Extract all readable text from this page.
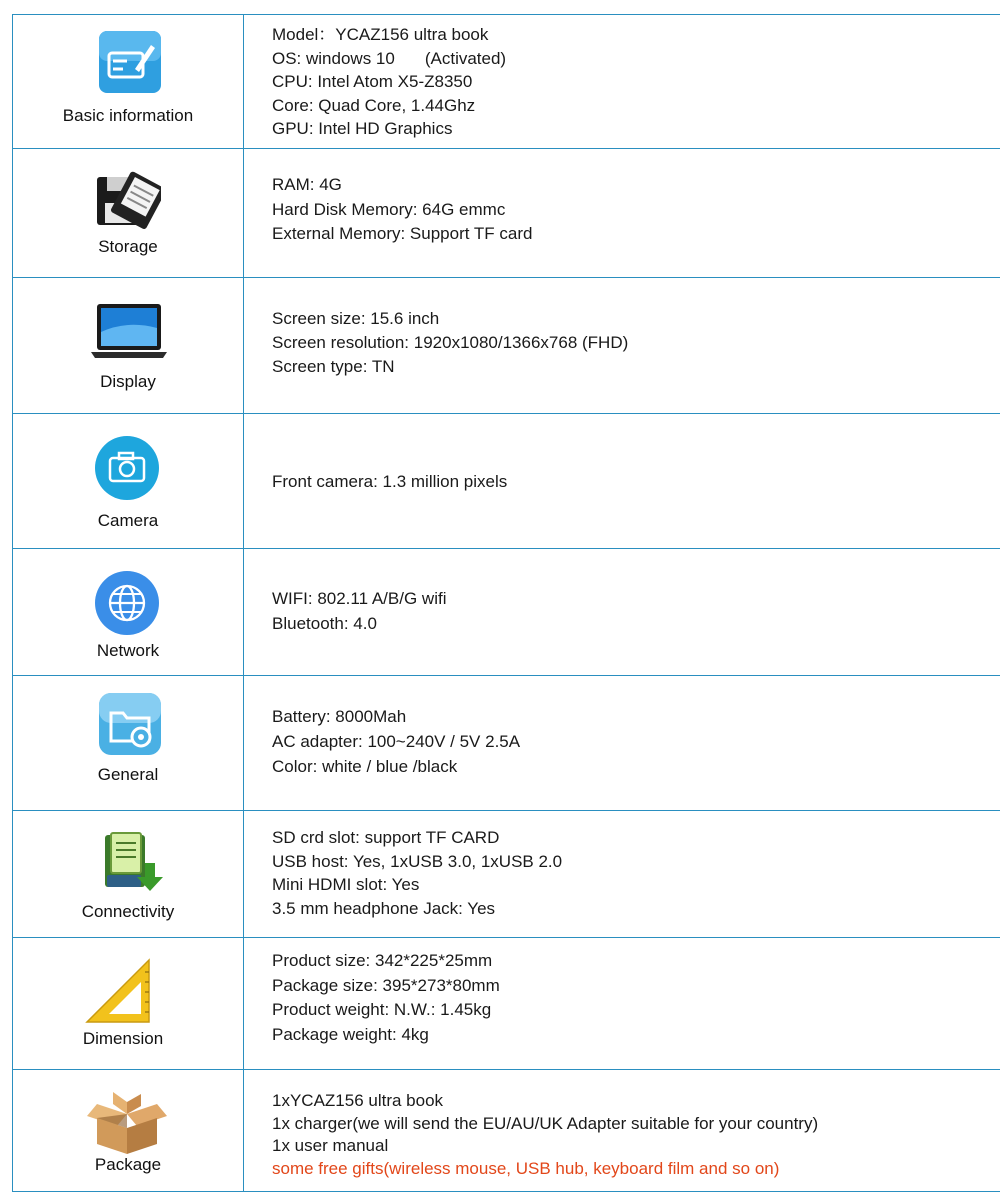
Basic information
Model：YCAZ156 ultra book
OS: windows 10 (Activated)
CPU: Intel Atom X5-Z8350
Core: Quad Core, 1.44Ghz
GPU: Intel HD Graphics
Storage
RAM: 4G
Hard Disk Memory: 64G emmc
External Memory: Support TF card
Display
Screen size: 15.6 inch
Screen resolution: 1920x1080/1366x768 (FHD)
Screen type: TN
Camera
Front camera: 1.3 million pixels
Network
WIFI: 802.11 A/B/G wifi
Bluetooth: 4.0
General
Battery: 8000Mah
AC adapter: 100~240V / 5V 2.5A
Color: white / blue /black
Connectivity
SD crd slot: support TF CARD
USB host: Yes, 1xUSB 3.0, 1xUSB 2.0
Mini HDMI slot: Yes
3.5 mm headphone Jack: Yes
Dimension
Product size: 342*225*25mm
Package size: 395*273*80mm
Product weight: N.W.: 1.45kg
Package weight: 4kg
Package
1xYCAZ156 ultra book
1x charger(we will send the EU/AU/UK Adapter suitable for your country)
1x user manual
some free gifts(wireless mouse, USB hub, keyboard film and so on)
